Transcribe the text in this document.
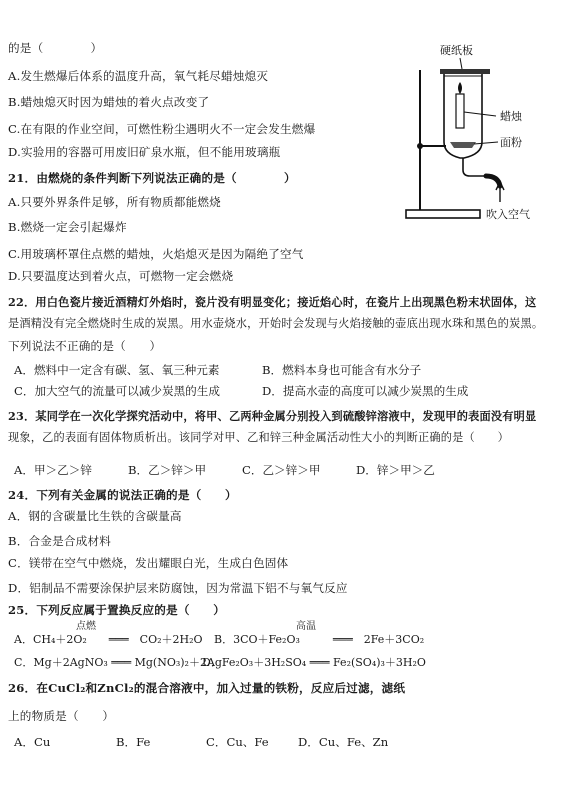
的是（　　　　）
A.发生燃爆后体系的温度升高，氧气耗尽蜡烛熄灭
B.蜡烛熄灭时因为蜡烛的着火点改变了
C.在有限的作业空间，可燃性粉尘遇明火不一定会发生燃爆
D.实验用的容器可用废旧矿泉水瓶，但不能用玻璃瓶
21．由燃烧的条件判断下列说法正确的是（　　　　）
A.只要外界条件足够，所有物质都能燃烧
B.燃烧一定会引起爆炸
C.用玻璃杯罩住点燃的蜡烛，火焰熄灭是因为隔绝了空气
D.只要温度达到着火点，可燃物一定会燃烧
22．用白色瓷片接近酒精灯外焰时，瓷片没有明显变化；接近焰心时，在瓷片上出现黑色粉末状固体，这
是酒精没有完全燃烧时生成的炭黑。用水壶烧水，开始时会发现与火焰接触的壶底出现水珠和黑色的炭黑。
下列说法不正确的是（　　）
A．燃料中一定含有碳、氢、氧三种元素	B．燃料本身也可能含有水分子
C．加大空气的流量可以减少炭黑的生成	D．提高水壶的高度可以减少炭黑的生成
23．某同学在一次化学探究活动中，将甲、乙两种金属分别投入到硫酸锌溶液中，发现甲的表面没有明显
现象，乙的表面有固体物质析出。该同学对甲、乙和锌三种金属活动性大小的判断正确的是（　　）
A．甲＞乙＞锌	B．乙＞锌＞甲	C．乙＞锌＞甲	D．锌＞甲＞乙
24．下列有关金属的说法正确的是（　　）
A．钢的含碳量比生铁的含碳量高
B．合金是合成材料
C．镁带在空气中燃烧，发出耀眼白光，生成白色固体
D．铝制品不需要涂保护层来防腐蚀，因为常温下铝不与氧气反应
25．下列反应属于置换反应的是（　　）
点燃
A．CH₄＋2O₂　　═══　CO₂＋2H₂O
高温
B．3CO＋Fe₂O₃　　　═══　2Fe＋3CO₂
C．Mg＋2AgNO₃ ═══ Mg(NO₃)₂＋2Ag
D．Fe₂O₃＋3H₂SO₄ ═══ Fe₂(SO₄)₃＋3H₂O
26．在CuCl₂和ZnCl₂的混合溶液中，加入过量的铁粉，反应后过滤，滤纸
上的物质是（　　）
A．Cu	B．Fe	C．Cu、Fe	D．Cu、Fe、Zn
硬纸板
蜡烛
面粉
吹入空气
